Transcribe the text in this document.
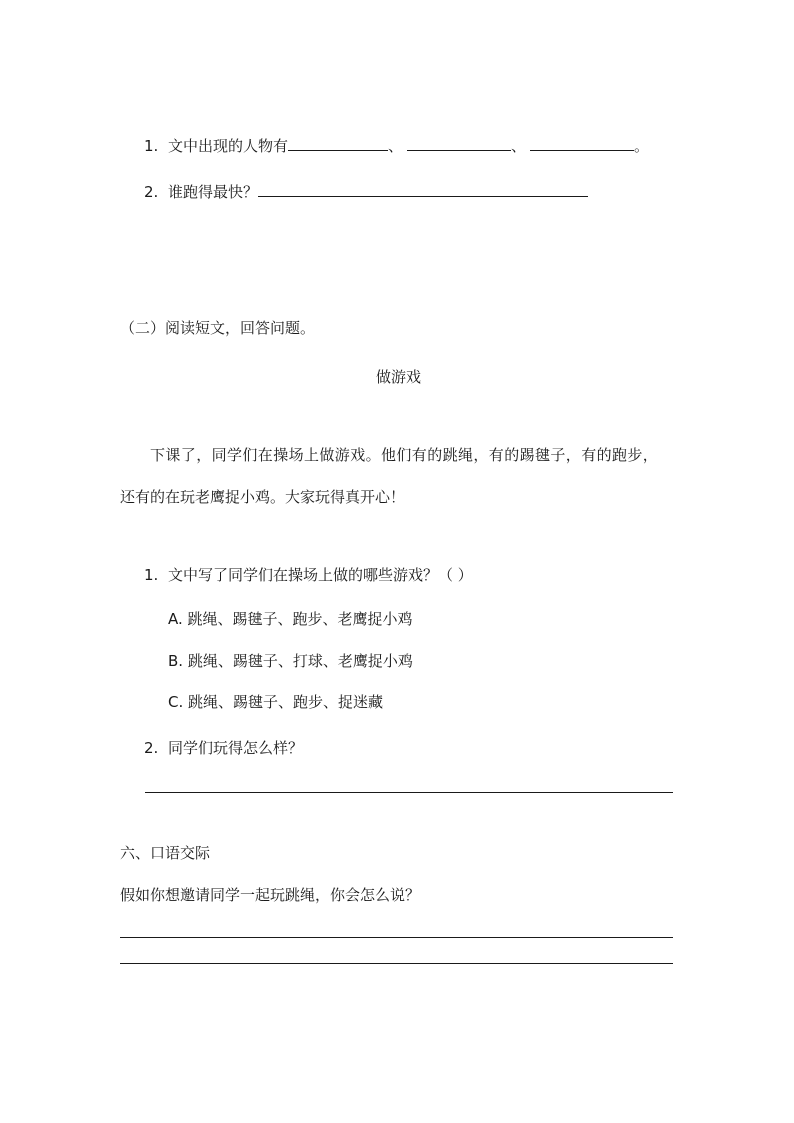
1. 文中出现的人物有	、	、	。
2. 谁跑得最快？
（二）阅读短文，回答问题。
做游戏
下课了，同学们在操场上做游戏。他们有的跳绳，有的踢毽子，有的跑步，
还有的在玩老鹰捉小鸡。大家玩得真开心！
1. 文中写了同学们在操场上做的哪些游戏？（ ）
A. 跳绳、踢毽子、跑步、老鹰捉小鸡
B. 跳绳、踢毽子、打球、老鹰捉小鸡
C. 跳绳、踢毽子、跑步、捉迷藏
2. 同学们玩得怎么样？
六、口语交际
假如你想邀请同学一起玩跳绳，你会怎么说？
